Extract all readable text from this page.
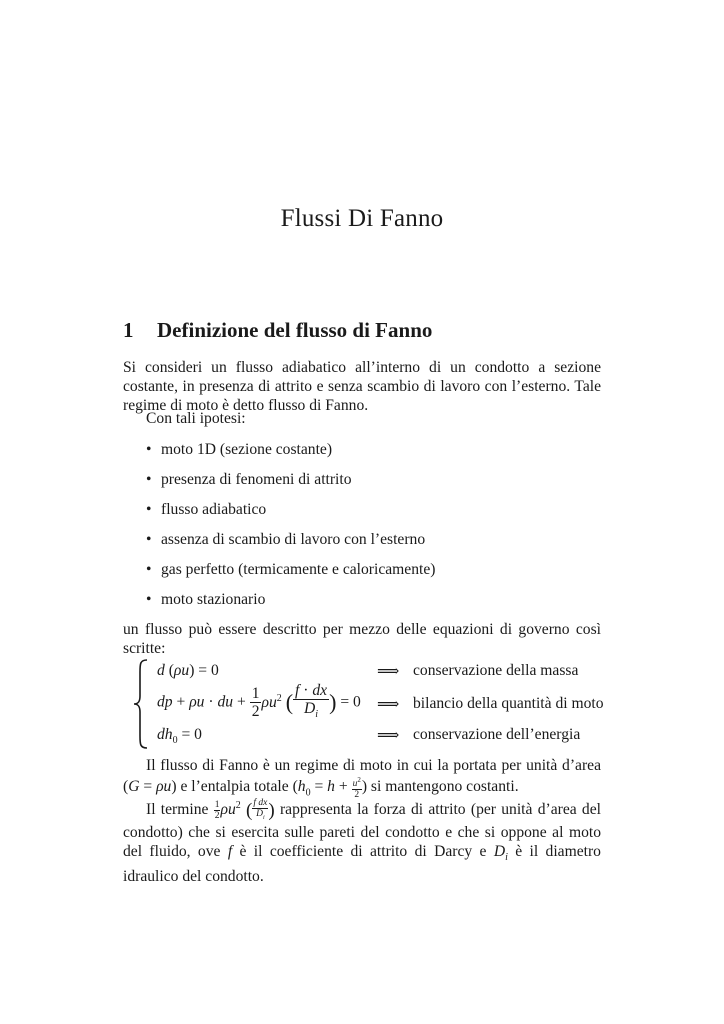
Flussi Di Fanno
1 Definizione del flusso di Fanno
Si consideri un flusso adiabatico all’interno di un condotto a sezione costante, in presenza di attrito e senza scambio di lavoro con l’esterno. Tale regime di moto è detto flusso di Fanno.
Con tali ipotesi:
• moto 1D (sezione costante)
• presenza di fenomeni di attrito
• flusso adiabatico
• assenza di scambio di lavoro con l’esterno
• gas perfetto (termicamente e caloricamente)
• moto stazionario
un flusso può essere descritto per mezzo delle equazioni di governo così scritte:
d (ρu) = 0	⟹ conservazione della massa
dp + ρu · du + $\frac{1}{2} \rho u^2$ ( $\frac{f \cdot dx}{D_i}$ ) = 0 ⟹ bilancio della quantità di moto
$dh_0 = 0$	⟹ conservazione dell’energia
Il flusso di Fanno è un regime di moto in cui la portata per unità d’area (G = ρu) e l’entalpia totale ($h_0 = h + \frac{u^2}{2}$ ) si mantengono costanti.
Il termine $\frac{1}{2} \rho u^2$ ( $\frac{\text{f dx}}{D_i}$ ) rappresenta la forza di attrito (per unità d’area del condotto) che si esercita sulle pareti del condotto e che si oppone al moto del fluido, ove f è il coefficiente di attrito di Darcy e $D_i$ è il diametro idraulico del condotto.
